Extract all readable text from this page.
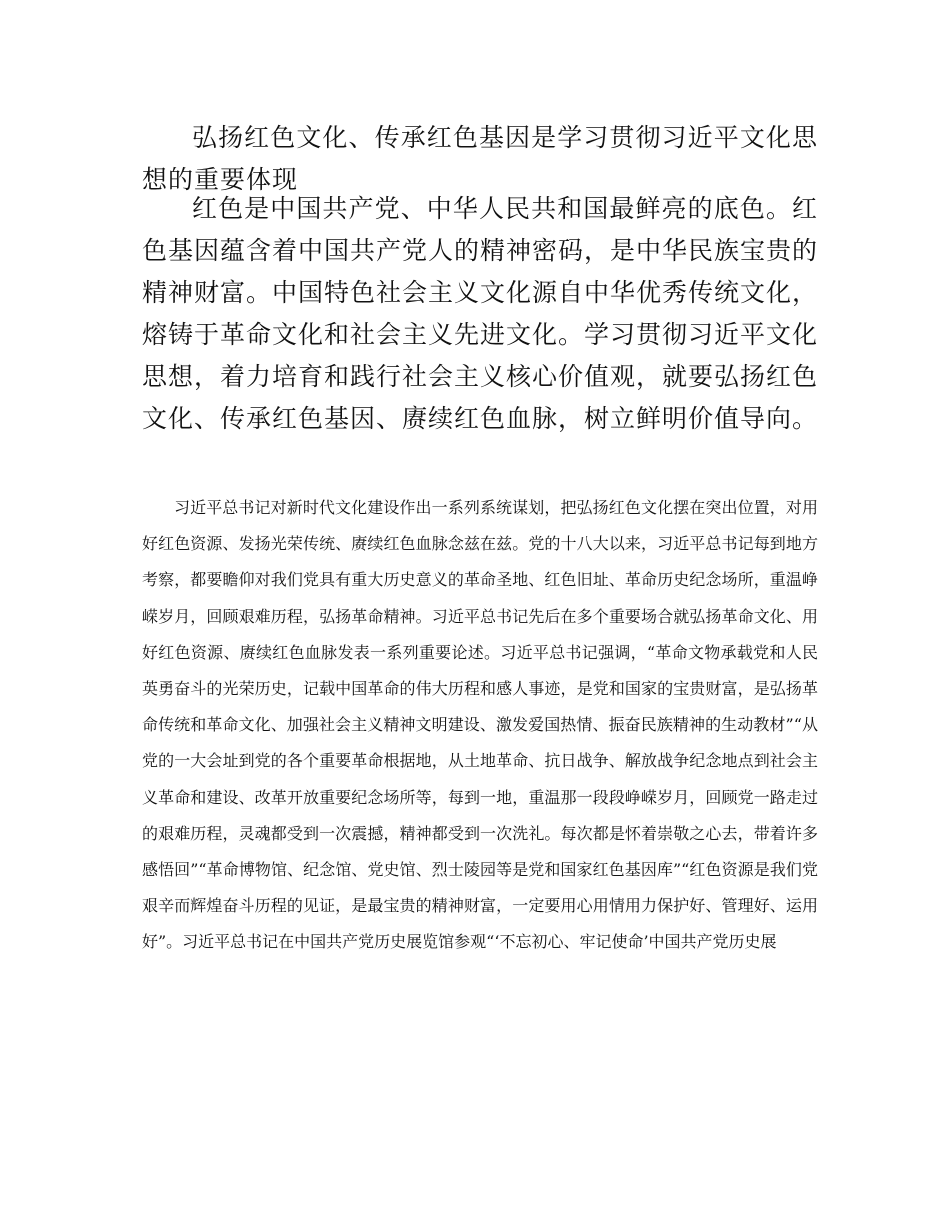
弘扬红色文化、传承红色基因是学习贯彻习近平文化思想的重要体现

红色是中国共产党、中华人民共和国最鲜亮的底色。红色基因蕴含着中国共产党人的精神密码，是中华民族宝贵的精神财富。中国特色社会主义文化源自中华优秀传统文化，熔铸于革命文化和社会主义先进文化。学习贯彻习近平文化思想，着力培育和践行社会主义核心价值观，就要弘扬红色文化、传承红色基因、赓续红色血脉，树立鲜明价值导向。

习近平总书记对新时代文化建设作出一系列系统谋划，把弘扬红色文化摆在突出位置，对用好红色资源、发扬光荣传统、赓续红色血脉念兹在兹。党的十八大以来，习近平总书记每到地方考察，都要瞻仰对我们党具有重大历史意义的革命圣地、红色旧址、革命历史纪念场所，重温峥嵘岁月，回顾艰难历程，弘扬革命精神。习近平总书记先后在多个重要场合就弘扬革命文化、用好红色资源、赓续红色血脉发表一系列重要论述。习近平总书记强调，“革命文物承载党和人民英勇奋斗的光荣历史，记载中国革命的伟大历程和感人事迹，是党和国家的宝贵财富，是弘扬革命传统和革命文化、加强社会主义精神文明建设、激发爱国热情、振奋民族精神的生动教材”“从党的一大会址到党的各个重要革命根据地，从土地革命、抗日战争、解放战争纪念地点到社会主义革命和建设、改革开放重要纪念场所等，每到一地，重温那一段段峥嵘岁月，回顾党一路走过的艰难历程，灵魂都受到一次震撼，精神都受到一次洗礼。每次都是怀着崇敬之心去，带着许多感悟回”“革命博物馆、纪念馆、党史馆、烈士陵园等是党和国家红色基因库”“红色资源是我们党艰辛而辉煌奋斗历程的见证，是最宝贵的精神财富，一定要用心用情用力保护好、管理好、运用好”。习近平总书记在中国共产党历史展览馆参观“‘不忘初心、牢记使命’中国共产党历史展
